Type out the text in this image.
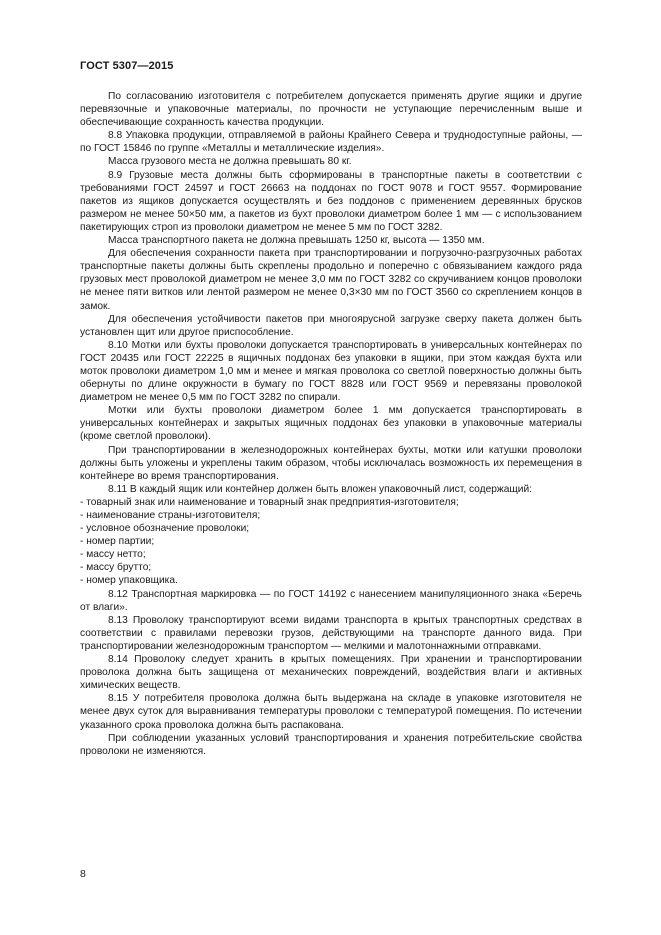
ГОСТ 5307—2015

По согласованию изготовителя с потребителем допускается применять другие ящики и другие перевязочные и упаковочные материалы, по прочности не уступающие перечисленным выше и обеспечивающие сохранность качества продукции.

8.8 Упаковка продукции, отправляемой в районы Крайнего Севера и труднодоступные районы, — по ГОСТ 15846 по группе «Металлы и металлические изделия».

Масса грузового места не должна превышать 80 кг.

8.9 Грузовые места должны быть сформированы в транспортные пакеты в соответствии с требованиями ГОСТ 24597 и ГОСТ 26663 на поддонах по ГОСТ 9078 и ГОСТ 9557. Формирование пакетов из ящиков допускается осуществлять и без поддонов с применением деревянных брусков размером не менее 50×50 мм, а пакетов из бухт проволоки диаметром более 1 мм — с использованием пакетирующих строп из проволоки диаметром не менее 5 мм по ГОСТ 3282.

Масса транспортного пакета не должна превышать 1250 кг, высота — 1350 мм.

Для обеспечения сохранности пакета при транспортировании и погрузочно-разгрузочных работах транспортные пакеты должны быть скреплены продольно и поперечно с обвязыванием каждого ряда грузовых мест проволокой диаметром не менее 3,0 мм по ГОСТ 3282 со скручиванием концов проволоки не менее пяти витков или лентой размером не менее 0,3×30 мм по ГОСТ 3560 со скреплением концов в замок.

Для обеспечения устойчивости пакетов при многоярусной загрузке сверху пакета должен быть установлен щит или другое приспособление.

8.10 Мотки или бухты проволоки допускается транспортировать в универсальных контейнерах по ГОСТ 20435 или ГОСТ 22225 в ящичных поддонах без упаковки в ящики, при этом каждая бухта или моток проволоки диаметром 1,0 мм и менее и мягкая проволока со светлой поверхностью должны быть обернуты по длине окружности в бумагу по ГОСТ 8828 или ГОСТ 9569 и перевязаны проволокой диаметром не менее 0,5 мм по ГОСТ 3282 по спирали.

Мотки или бухты проволоки диаметром более 1 мм допускается транспортировать в универсальных контейнерах и закрытых ящичных поддонах без упаковки в упаковочные материалы (кроме светлой проволоки).

При транспортировании в железнодорожных контейнерах бухты, мотки или катушки проволоки должны быть уложены и укреплены таким образом, чтобы исключалась возможность их перемещения в контейнере во время транспортирования.

8.11 В каждый ящик или контейнер должен быть вложен упаковочный лист, содержащий:

- товарный знак или наименование и товарный знак предприятия-изготовителя;

- наименование страны-изготовителя;

- условное обозначение проволоки;

- номер партии;

- массу нетто;

- массу брутто;

- номер упаковщика.

8.12 Транспортная маркировка — по ГОСТ 14192 с нанесением манипуляционного знака «Беречь от влаги».

8.13 Проволоку транспортируют всеми видами транспорта в крытых транспортных средствах в соответствии с правилами перевозки грузов, действующими на транспорте данного вида. При транспортировании железнодорожным транспортом — мелкими и малотоннажными отправками.

8.14 Проволоку следует хранить в крытых помещениях. При хранении и транспортировании проволока должна быть защищена от механических повреждений, воздействия влаги и активных химических веществ.

8.15 У потребителя проволока должна быть выдержана на складе в упаковке изготовителя не менее двух суток для выравнивания температуры проволоки с температурой помещения. По истечении указанного срока проволока должна быть распакована.

При соблюдении указанных условий транспортирования и хранения потребительские свойства проволоки не изменяются.

8
